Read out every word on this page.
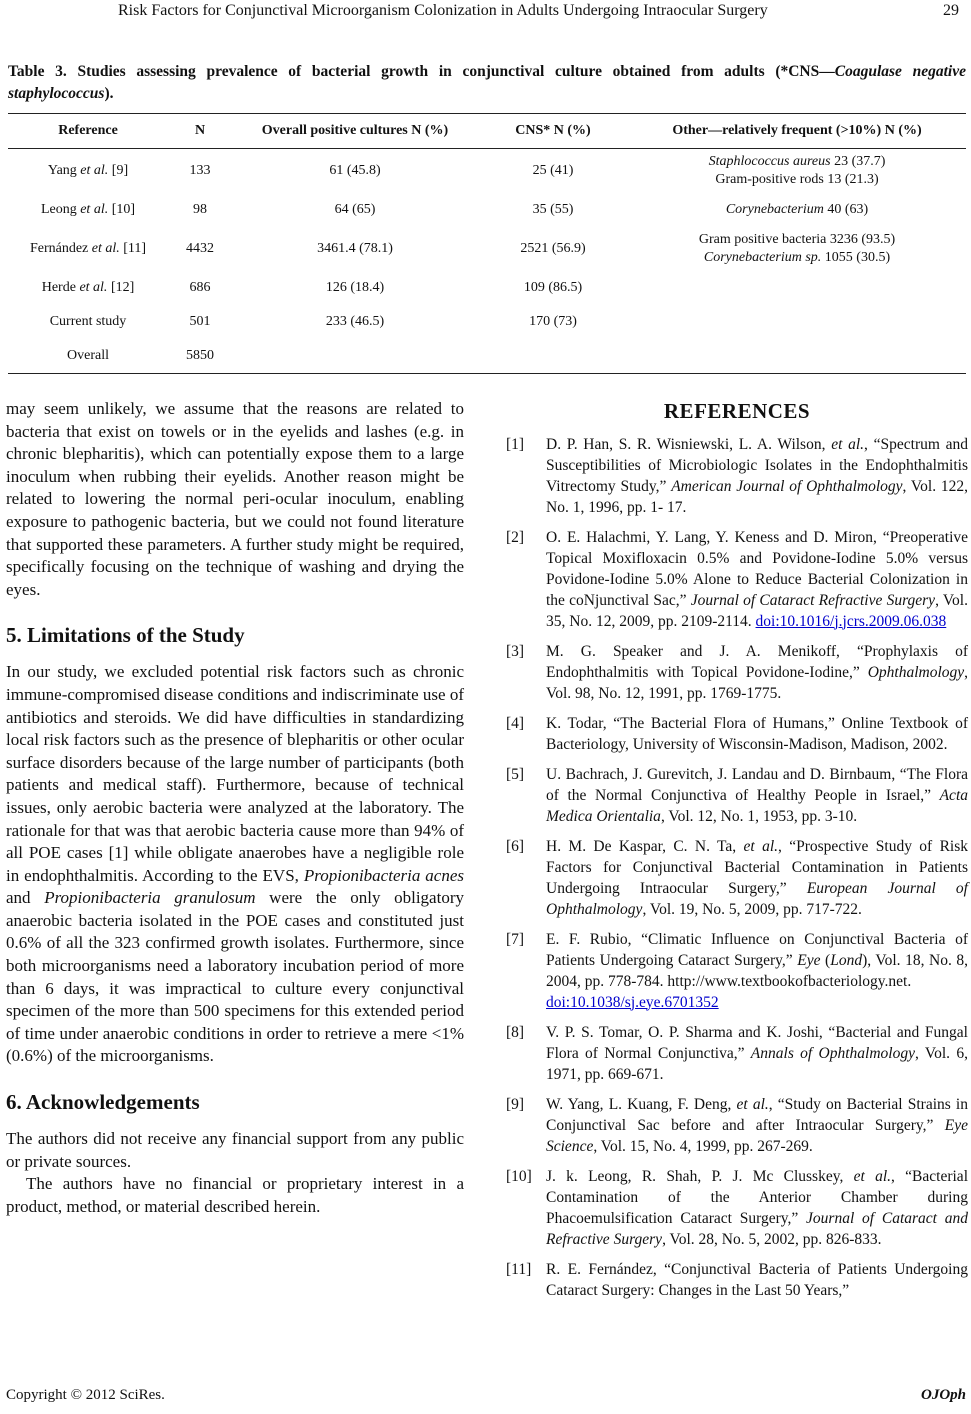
Risk Factors for Conjunctival Microorganism Colonization in Adults Undergoing Intraocular Surgery	29
Table 3. Studies assessing prevalence of bacterial growth in conjunctival culture obtained from adults (*CNS—Coagulase negative staphylococcus).
Reference	N	Overall positive cultures N (%)	CNS* N (%)	Other—relatively frequent (>10%) N (%)
Yang et al. [9]	133	61 (45.8)	25 (41)	Staphlococcus aureus 23 (37.7)
Gram-positive rods 13 (21.3)
Leong et al. [10]	98	64 (65)	35 (55)	Corynebacterium 40 (63)
Fernández et al. [11]	4432	3461.4 (78.1)	2521 (56.9)	Gram positive bacteria 3236 (93.5)
Corynebacterium sp. 1055 (30.5)
Herde et al. [12]	686	126 (18.4)	109 (86.5)	
Current study	501	233 (46.5)	170 (73)	
Overall	5850			

may seem unlikely, we assume that the reasons are related to bacteria that exist on towels or in the eyelids and lashes (e.g. in chronic blepharitis), which can potentially expose them to a large inoculum when rubbing their eyelids. Another reason might be related to lowering the normal peri-ocular inoculum, enabling exposure to pathogenic bacteria, but we could not found literature that supported these parameters. A further study might be required, specifically focusing on the technique of washing and drying the eyes.

5. Limitations of the Study

In our study, we excluded potential risk factors such as chronic immune-compromised disease conditions and indiscriminate use of antibiotics and steroids. We did have difficulties in standardizing local risk factors such as the presence of blepharitis or other ocular surface disorders because of the large number of participants (both patients and medical staff). Furthermore, because of technical issues, only aerobic bacteria were analyzed at the laboratory. The rationale for that was that aerobic bacteria cause more than 94% of all POE cases [1] while obligate anaerobes have a negligible role in endophthalmitis. According to the EVS, Propionibacteria acnes and Propionibacteria granulosum were the only obligatory anaerobic bacteria isolated in the POE cases and constituted just 0.6% of all the 323 confirmed growth isolates. Furthermore, since both microorganisms need a laboratory incubation period of more than 6 days, it was impractical to culture every conjunctival specimen of the more than 500 specimens for this extended period of time under anaerobic conditions in order to retrieve a mere <1% (0.6%) of the microorganisms.

6. Acknowledgements

The authors did not receive any financial support from any public or private sources.

The authors have no financial or proprietary interest in a product, method, or material described herein.

REFERENCES
[1] D. P. Han, S. R. Wisniewski, L. A. Wilson, et al., “Spectrum and Susceptibilities of Microbiologic Isolates in the Endophthalmitis Vitrectomy Study,” American Journal of Ophthalmology, Vol. 122, No. 1, 1996, pp. 1- 17.
[2] O. E. Halachmi, Y. Lang, Y. Keness and D. Miron, “Preoperative Topical Moxifloxacin 0.5% and Povidone-Iodine 5.0% versus Povidone-Iodine 5.0% Alone to Reduce Bacterial Colonization in the coNjunctival Sac,” Journal of Cataract Refractive Surgery, Vol. 35, No. 12, 2009, pp. 2109-2114. doi:10.1016/j.jcrs.2009.06.038
[3] M. G. Speaker and J. A. Menikoff, “Prophylaxis of Endophthalmitis with Topical Povidone-Iodine,” Ophthalmology, Vol. 98, No. 12, 1991, pp. 1769-1775.
[4] K. Todar, “The Bacterial Flora of Humans,” Online Textbook of Bacteriology, University of Wisconsin-Madison, Madison, 2002.
[5] U. Bachrach, J. Gurevitch, J. Landau and D. Birnbaum, “The Flora of the Normal Conjunctiva of Healthy People in Israel,” Acta Medica Orientalia, Vol. 12, No. 1, 1953, pp. 3-10.
[6] H. M. De Kaspar, C. N. Ta, et al., “Prospective Study of Risk Factors for Conjunctival Bacterial Contamination in Patients Undergoing Intraocular Surgery,” European Journal of Ophthalmology, Vol. 19, No. 5, 2009, pp. 717-722.
[7] E. F. Rubio, “Climatic Influence on Conjunctival Bacteria of Patients Undergoing Cataract Surgery,” Eye (Lond), Vol. 18, No. 8, 2004, pp. 778-784. http://www.textbookofbacteriology.net.
doi:10.1038/sj.eye.6701352
[8] V. P. S. Tomar, O. P. Sharma and K. Joshi, “Bacterial and Fungal Flora of Normal Conjunctiva,” Annals of Ophthalmology, Vol. 6, 1971, pp. 669-671.
[9] W. Yang, L. Kuang, F. Deng, et al., “Study on Bacterial Strains in Conjunctival Sac before and after Intraocular Surgery,” Eye Science, Vol. 15, No. 4, 1999, pp. 267-269.
[10] J. k. Leong, R. Shah, P. J. Mc Clusskey, et al., “Bacterial Contamination of the Anterior Chamber during Phacoemulsification Cataract Surgery,” Journal of Cataract and Refractive Surgery, Vol. 28, No. 5, 2002, pp. 826-833.
[11] R. E. Fernández, “Conjunctival Bacteria of Patients Undergoing Cataract Surgery: Changes in the Last 50 Years,”
Copyright © 2012 SciRes.	OJOph
